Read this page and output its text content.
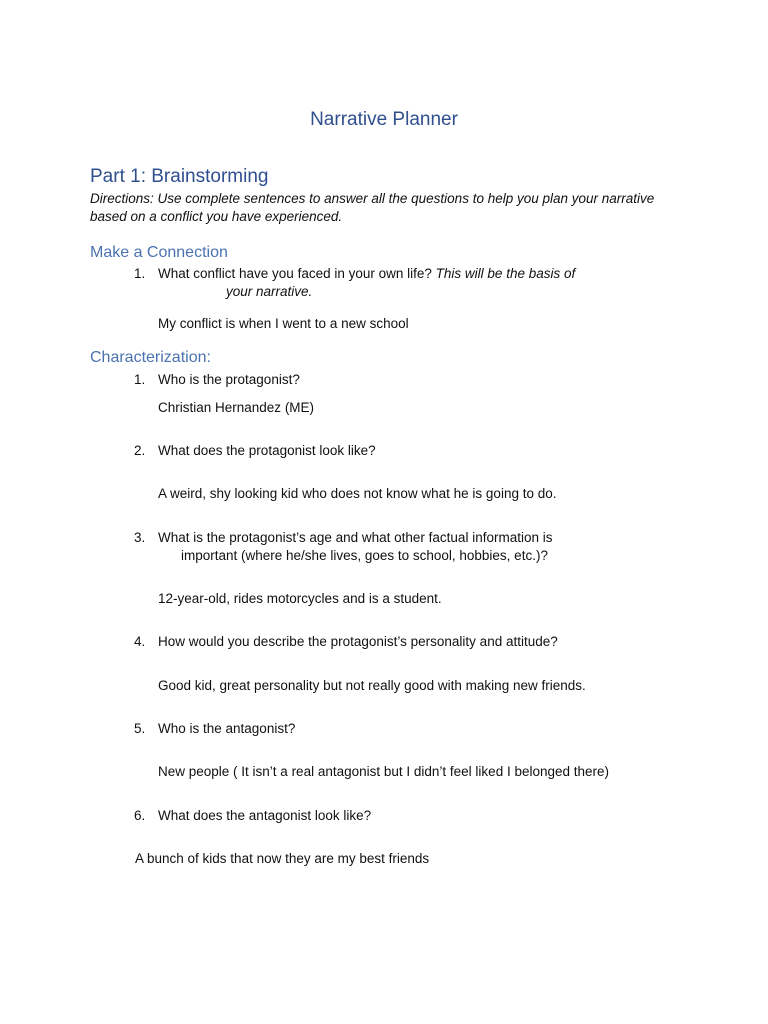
Narrative Planner
Part 1: Brainstorming
Directions: Use complete sentences to answer all the questions to help you plan your narrative
based on a conflict you have experienced.
Make a Connection
1. What conflict have you faced in your own life? This will be the basis of
your narrative.
My conflict is when I went to a new school
Characterization:
1. Who is the protagonist?
Christian Hernandez (ME)
2. What does the protagonist look like?
A weird, shy looking kid who does not know what he is going to do.
3. What is the protagonist’s age and what other factual information is
important (where he/she lives, goes to school, hobbies, etc.)?
12-year-old, rides motorcycles and is a student.
4. How would you describe the protagonist’s personality and attitude?
Good kid, great personality but not really good with making new friends.
5. Who is the antagonist?
New people ( It isn’t a real antagonist but I didn’t feel liked I belonged there)
6. What does the antagonist look like?
A bunch of kids that now they are my best friends
